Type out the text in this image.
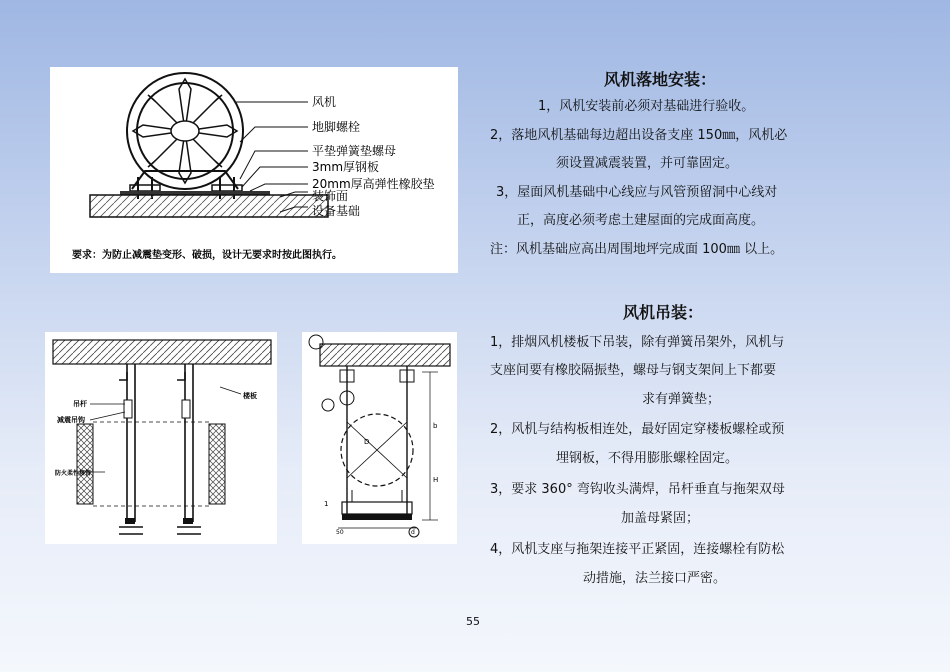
风机
地脚螺栓
平垫弹簧垫螺母
3mm厚钢板
20mm厚高弹性橡胶垫
装饰面
设备基础
要求：为防止减震垫变形、破损，设计无要求时按此图执行。
吊杆
减震吊钩
防火柔性接管
楼板
D
H
b
1
50	d
风机落地安装：
1，风机安装前必须对基础进行验收。
2，落地风机基础每边超出设备支座 150㎜，风机必
须设置减震装置，并可靠固定。
3，屋面风机基础中心线应与风管预留洞中心线对
正，高度必须考虑土建屋面的完成面高度。
注：风机基础应高出周围地坪完成面 100㎜ 以上。
风机吊装：
1，排烟风机楼板下吊装，除有弹簧吊架外，风机与
支座间要有橡胶隔振垫，螺母与钢支架间上下都要
求有弹簧垫；
2，风机与结构板相连处，最好固定穿楼板螺栓或预
埋钢板，不得用膨胀螺栓固定。
3，要求 360° 弯钩收头满焊，吊杆垂直与拖架双母
加盖母紧固；
4，风机支座与拖架连接平正紧固，连接螺栓有防松
动措施，法兰接口严密。
55
